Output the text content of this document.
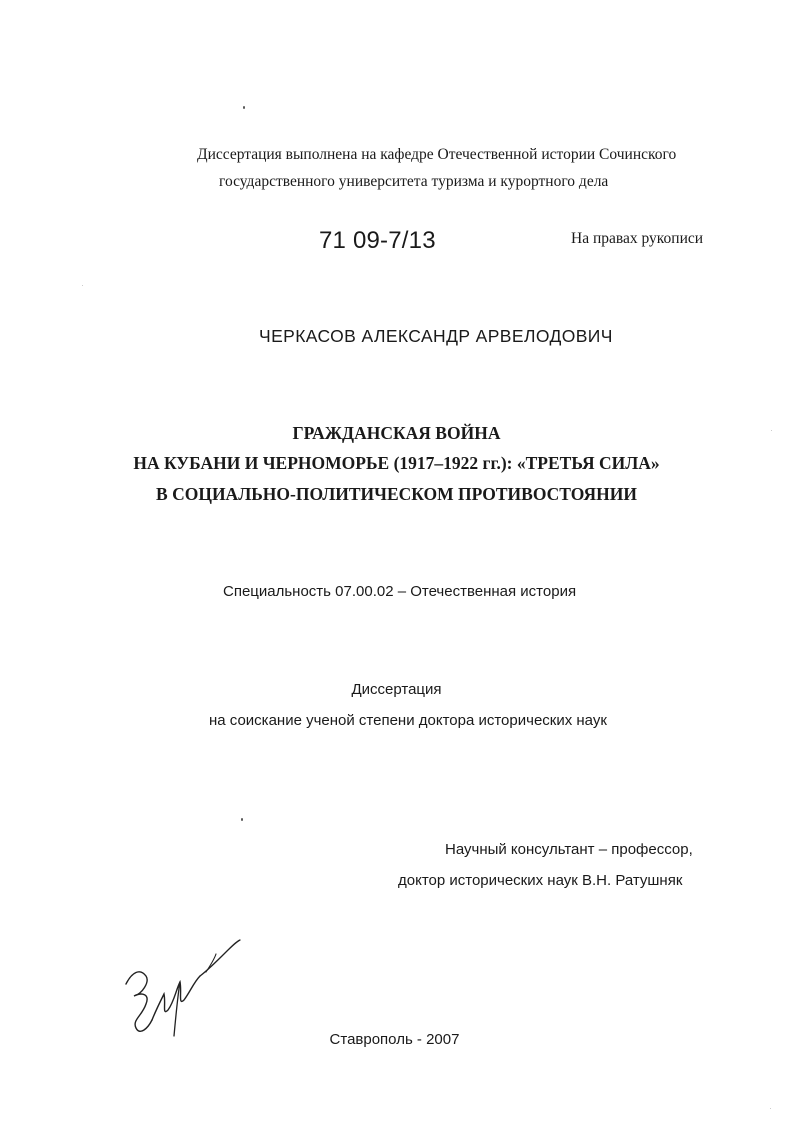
Диссертация выполнена на кафедре Отечественной истории Сочинского
государственного университета туризма и курортного дела
71 09-7/13	На правах рукописи
ЧЕРКАСОВ АЛЕКСАНДР АРВЕЛОДОВИЧ
ГРАЖДАНСКАЯ ВОЙНА
НА КУБАНИ И ЧЕРНОМОРЬЕ (1917–1922 гг.): «ТРЕТЬЯ СИЛА»
В СОЦИАЛЬНО-ПОЛИТИЧЕСКОМ ПРОТИВОСТОЯНИИ
Специальность 07.00.02 – Отечественная история
Диссертация
на соискание ученой степени доктора исторических наук
Научный консультант – профессор,
доктор исторических наук В.Н. Ратушняк
Ставрополь - 2007
